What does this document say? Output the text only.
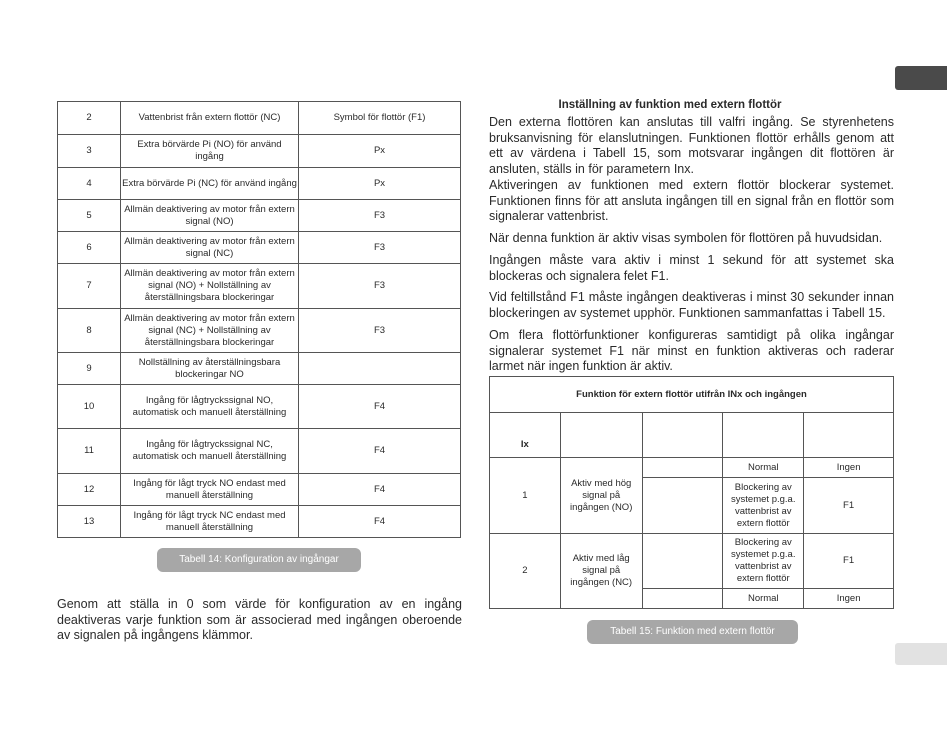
2	Vattenbrist från extern flottör (NC)	Symbol för flottör (F1)
3	Extra börvärde Pi (NO) för använd ingång	Px
4	Extra börvärde Pi (NC) för använd ingång	Px
5	Allmän deaktivering av motor från extern signal (NO)	F3
6	Allmän deaktivering av motor från extern signal (NC)	F3
7	Allmän deaktivering av motor från extern signal (NO) + Nollställning av återställningsbara blockeringar	F3
8	Allmän deaktivering av motor från extern signal (NC) + Nollställning av återställningsbara blockeringar	F3
9	Nollställning av återställningsbara blockeringar NO	
10	Ingång för lågtryckssignal NO, automatisk och manuell återställning	F4
11	Ingång för lågtryckssignal NC, automatisk och manuell återställning	F4
12	Ingång för lågt tryck NO endast med manuell återställning	F4
13	Ingång för lågt tryck NC endast med manuell återställning	F4
Tabell 14: Konfiguration av ingångar

Genom att ställa in 0 som värde för konfiguration av en ingång deaktiveras varje funktion som är associerad med ingången oberoende av signalen på ingångens klämmor.

Inställning av funktion med extern flottör

Den externa flottören kan anslutas till valfri ingång. Se styrenhetens bruksanvisning för elanslutningen. Funktionen flottör erhålls genom att ett av värdena i Tabell 15, som motsvarar ingången dit flottören är ansluten, ställs in för parametern Inx.

Aktiveringen av funktionen med extern flottör blockerar systemet. Funktionen finns för att ansluta ingången till en signal från en flottör som signalerar vattenbrist.

När denna funktion är aktiv visas symbolen för flottören på huvudsidan.

Ingången måste vara aktiv i minst 1 sekund för att systemet ska blockeras och signalera felet F1.

Vid feltillstånd F1 måste ingången deaktiveras i minst 30 sekunder innan blockeringen av systemet upphör. Funktionen sammanfattas i Tabell 15.

Om flera flottörfunktioner konfigureras samtidigt på olika ingångar signalerar systemet F1 när minst en funktion aktiveras och raderar larmet när ingen funktion är aktiv.

Funktion för extern flottör utifrån INx och ingången				
Ix				
1	Aktiv med hög signal på ingången (NO)		Normal	Ingen
			Blockering av systemet p.g.a. vattenbrist av extern flottör	F1
2	Aktiv med låg signal på ingången (NC)		Blockering av systemet p.g.a. vattenbrist av extern flottör	F1
			Normal	Ingen
Tabell 15: Funktion med extern flottör
